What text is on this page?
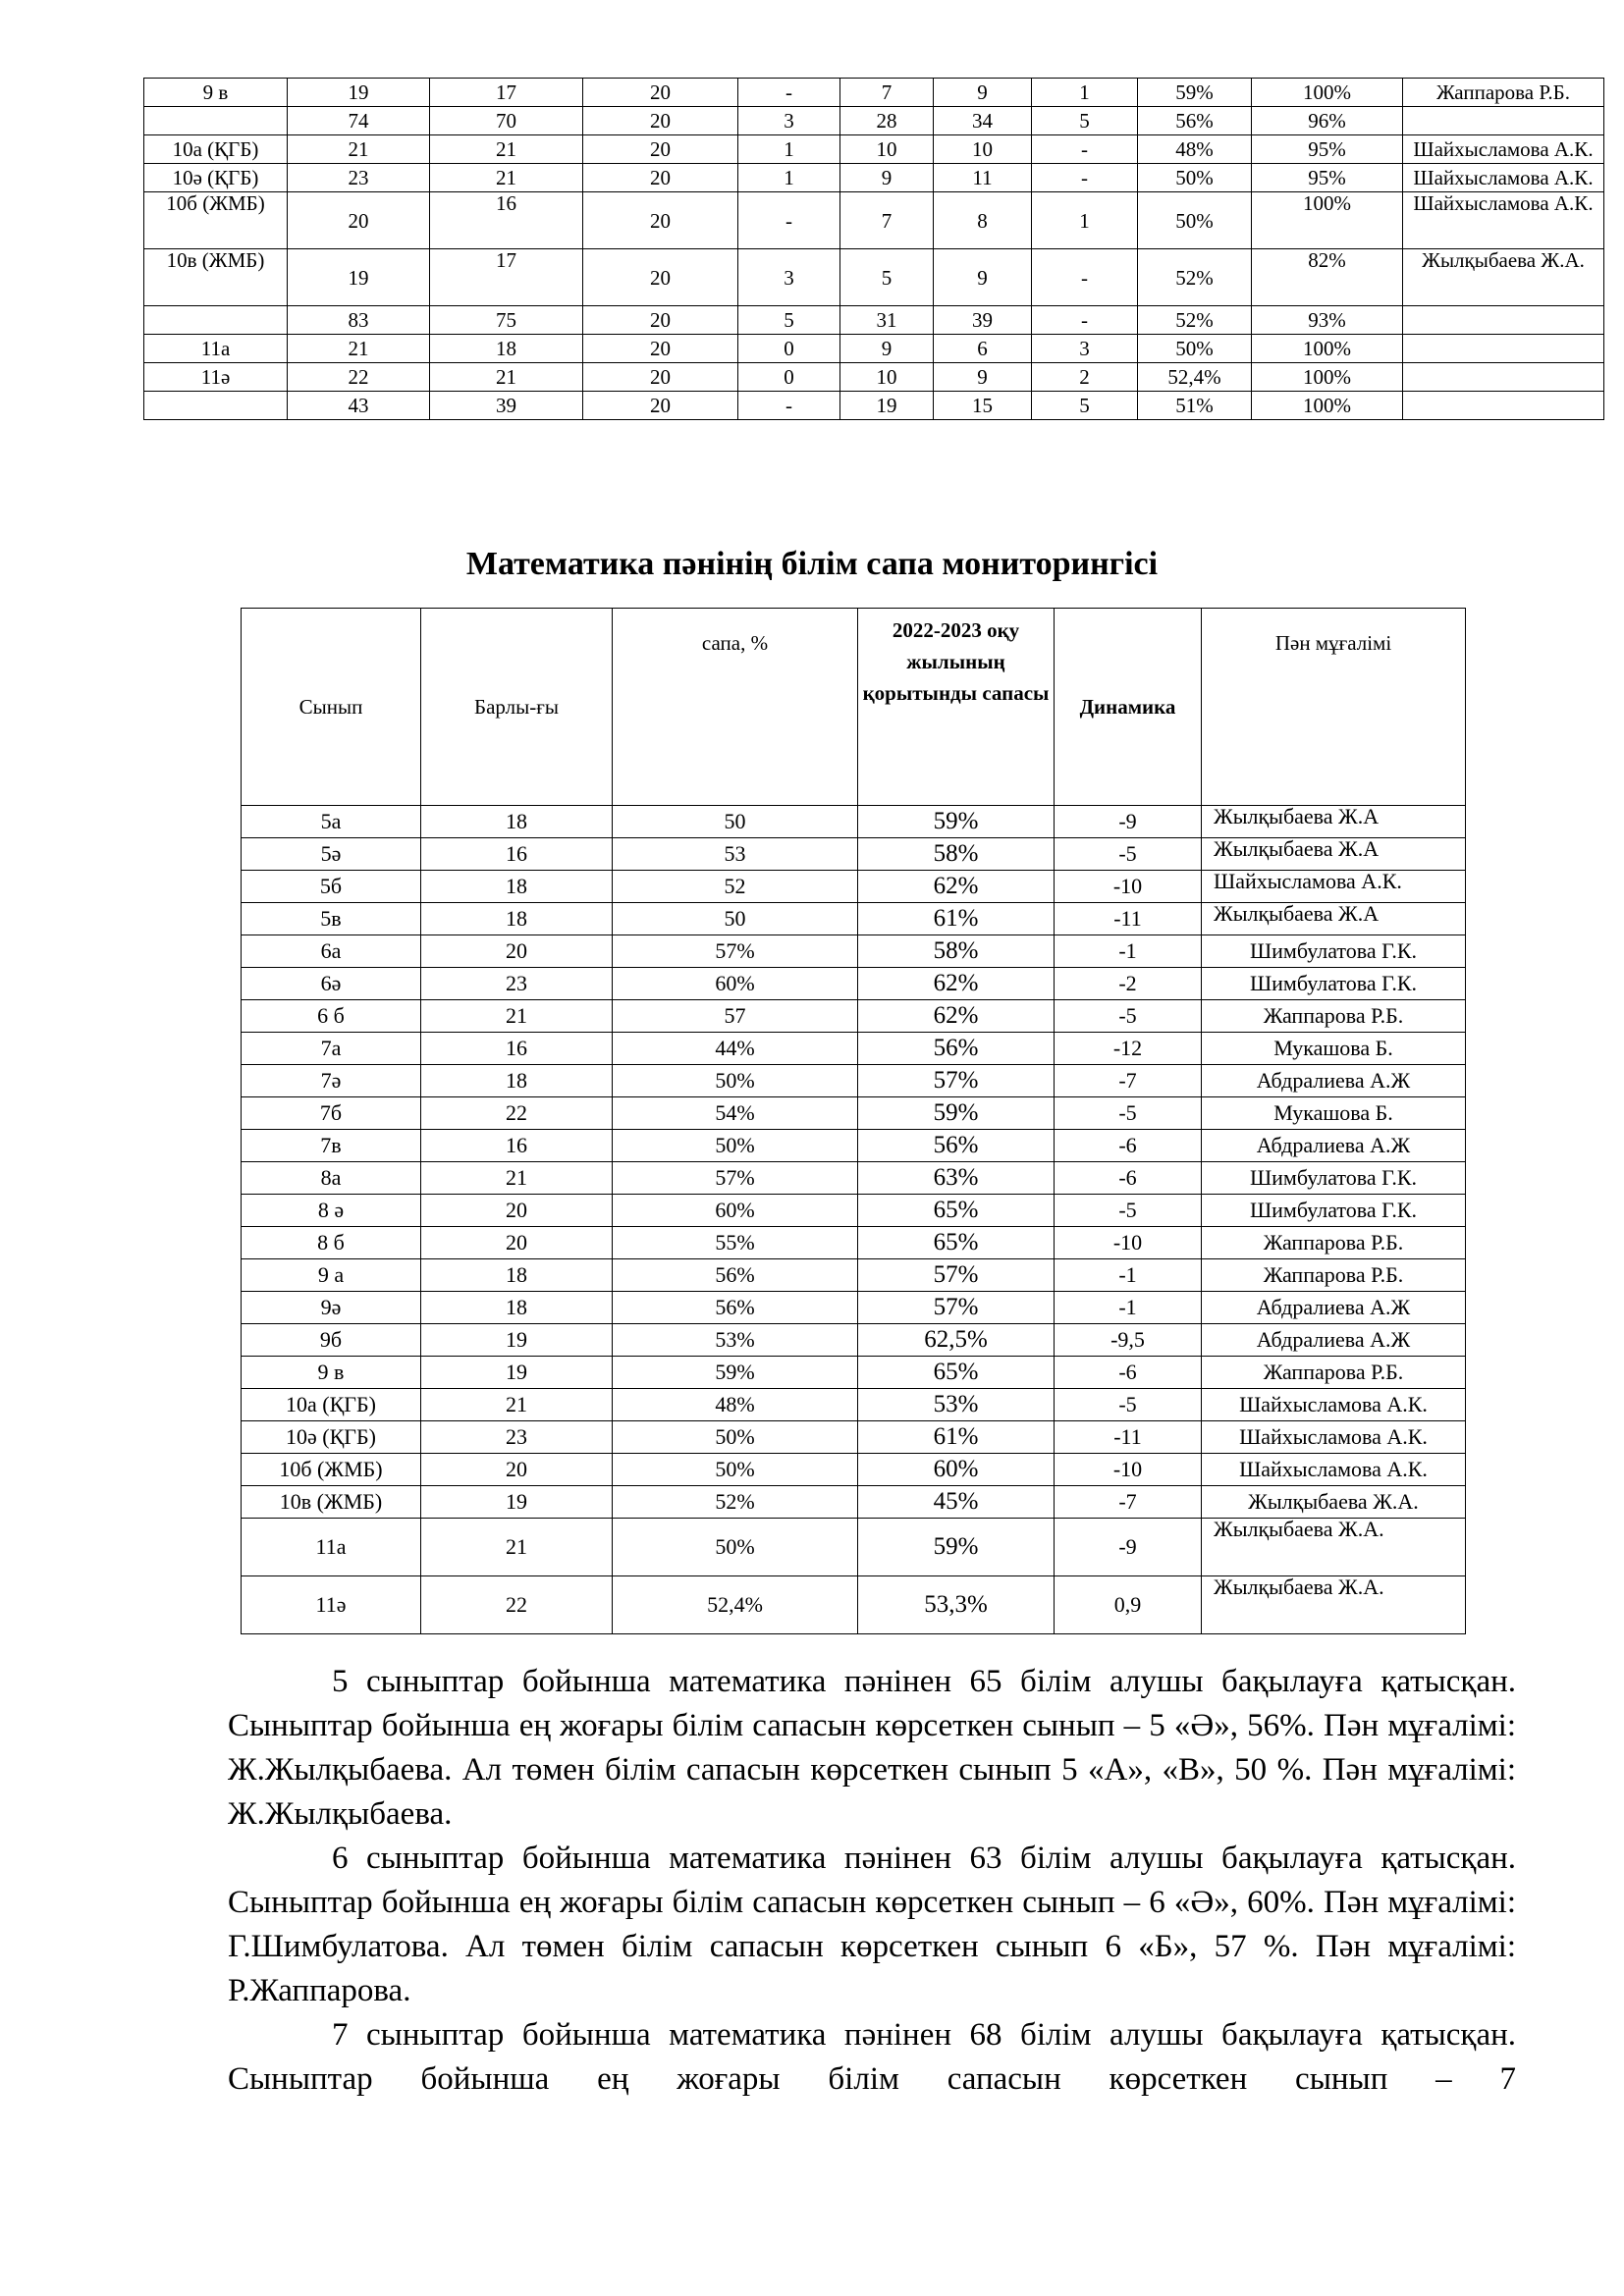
9 в	19	17	20	-	7	9	1	59%	100%	Жаппарова Р.Б.
	74	70	20	3	28	34	5	56%	96%	
10а (ҚГБ)	21	21	20	1	10	10	-	48%	95%	Шайхысламова А.К.
10ә (ҚГБ)	23	21	20	1	9	11	-	50%	95%	Шайхысламова А.К.
10б (ЖМБ)	20	16	20	-	7	8	1	50%	100%	Шайхысламова А.К.
10в (ЖМБ)	19	17	20	3	5	9	-	52%	82%	Жылқыбаева Ж.А.
	83	75	20	5	31	39	-	52%	93%	
11а	21	18	20	0	9	6	3	50%	100%	
11ә	22	21	20	0	10	9	2	52,4%	100%	
	43	39	20	-	19	15	5	51%	100%	
Математика пәнінің білім сапа мониторингісі
Сынып	Барлы-ғы	сапа, %	2022-2023 оқу жылының қорытынды сапасы	Динамика	Пән мұғалімі
5а	18	50	59%	-9	Жылқыбаева Ж.А
5ә	16	53	58%	-5	Жылқыбаева Ж.А
5б	18	52	62%	-10	Шайхысламова А.К.
5в	18	50	61%	-11	Жылқыбаева Ж.А
6а	20	57%	58%	-1	Шимбулатова Г.К.
6ә	23	60%	62%	-2	Шимбулатова Г.К.
6 б	21	57	62%	-5	Жаппарова Р.Б.
7а	16	44%	56%	-12	Мукашова Б.
7ә	18	50%	57%	-7	Абдралиева А.Ж
7б	22	54%	59%	-5	Мукашова Б.
7в	16	50%	56%	-6	Абдралиева А.Ж
8а	21	57%	63%	-6	Шимбулатова Г.К.
8 ә	20	60%	65%	-5	Шимбулатова Г.К.
8 б	20	55%	65%	-10	Жаппарова Р.Б.
9 а	18	56%	57%	-1	Жаппарова Р.Б.
9ә	18	56%	57%	-1	Абдралиева А.Ж
9б	19	53%	62,5%	-9,5	Абдралиева А.Ж
9 в	19	59%	65%	-6	Жаппарова Р.Б.
10а (ҚГБ)	21	48%	53%	-5	Шайхысламова А.К.
10ә (ҚГБ)	23	50%	61%	-11	Шайхысламова А.К.
10б (ЖМБ)	20	50%	60%	-10	Шайхысламова А.К.
10в (ЖМБ)	19	52%	45%	-7	Жылқыбаева Ж.А.
11а	21	50%	59%	-9	Жылқыбаева Ж.А.
11ә	22	52,4%	53,3%	0,9	Жылқыбаева Ж.А.

5 сыныптар бойынша математика пәнінен 65 білім алушы бақылауға қатысқан. Сыныптар бойынша ең жоғары білім сапасын көрсеткен сынып – 5 «Ә», 56%. Пән мұғалімі: Ж.Жылқыбаева. Ал төмен білім сапасын көрсеткен сынып 5 «А», «В», 50 %. Пән мұғалімі: Ж.Жылқыбаева.

6 сыныптар бойынша математика пәнінен 63 білім алушы бақылауға қатысқан. Сыныптар бойынша ең жоғары білім сапасын көрсеткен сынып – 6 «Ә», 60%. Пән мұғалімі: Г.Шимбулатова. Ал төмен білім сапасын көрсеткен сынып 6 «Б», 57 %. Пән мұғалімі: Р.Жаппарова.

7 сыныптар бойынша математика пәнінен 68 білім алушы бақылауға қатысқан. Сыныптар бойынша ең жоғары білім сапасын көрсеткен сынып – 7
